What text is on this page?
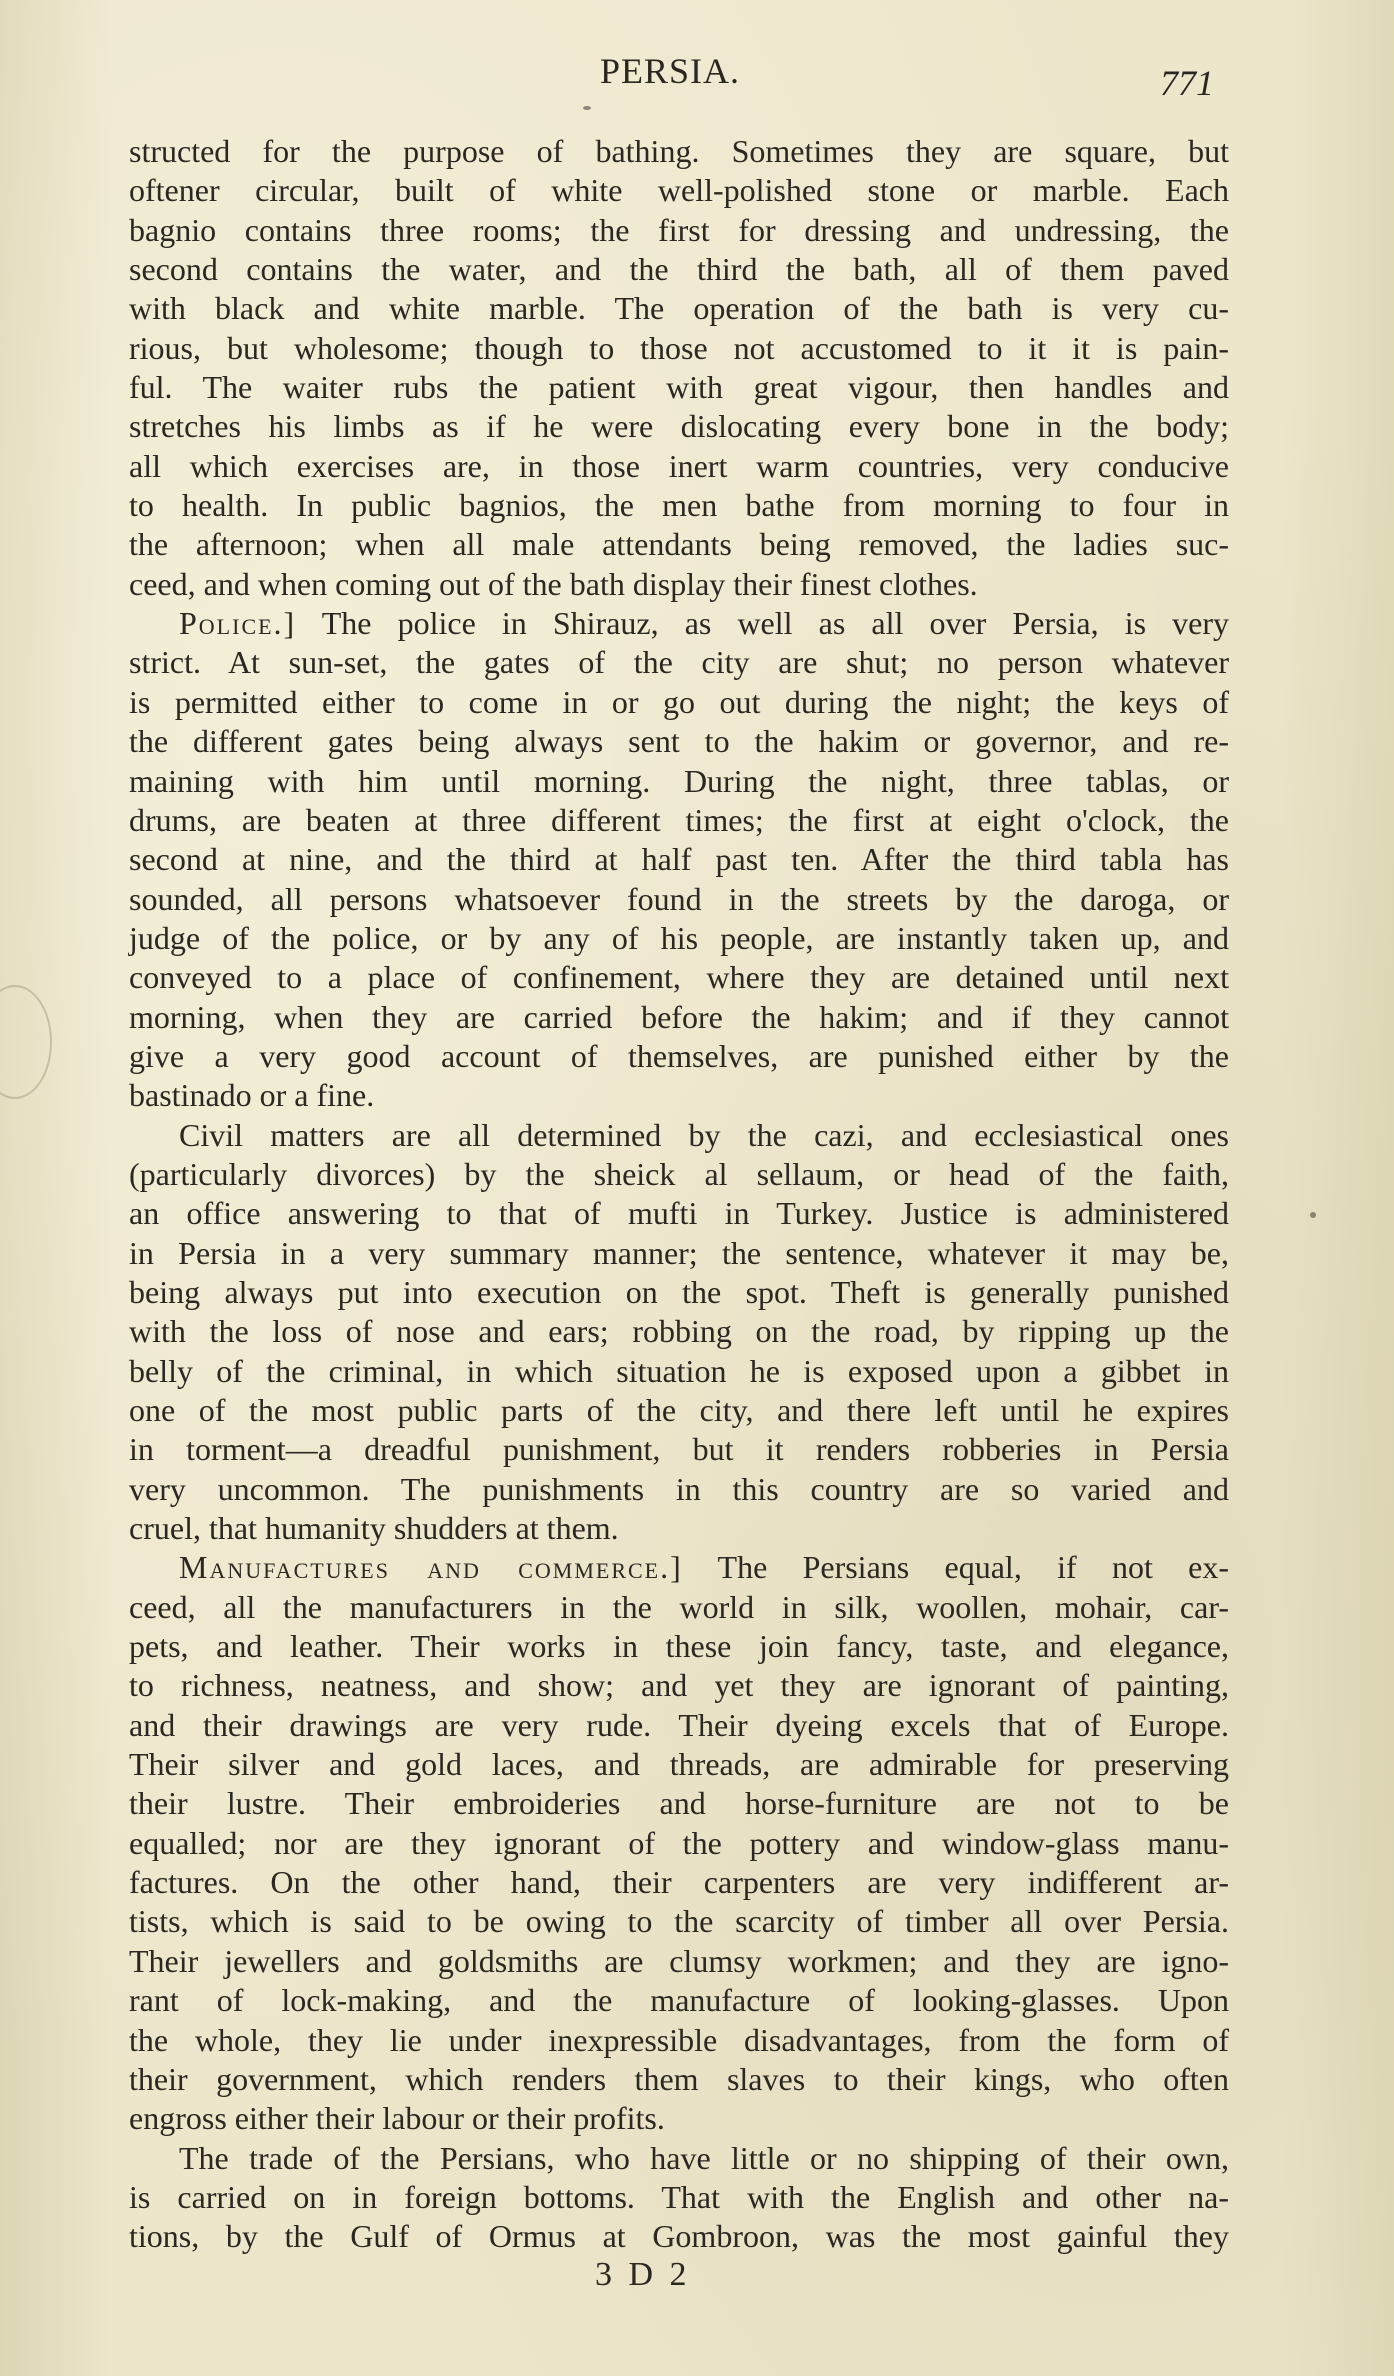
PERSIA.	771
structed for the purpose of bathing. Sometimes they are square, but
oftener circular, built of white well-polished stone or marble. Each
bagnio contains three rooms; the first for dressing and undressing, the
second contains the water, and the third the bath, all of them paved
with black and white marble. The operation of the bath is very cu-
rious, but wholesome; though to those not accustomed to it it is pain-
ful. The waiter rubs the patient with great vigour, then handles and
stretches his limbs as if he were dislocating every bone in the body;
all which exercises are, in those inert warm countries, very conducive
to health. In public bagnios, the men bathe from morning to four in
the afternoon; when all male attendants being removed, the ladies suc-
ceed, and when coming out of the bath display their finest clothes.
Police.] The police in Shirauz, as well as all over Persia, is very
strict. At sun-set, the gates of the city are shut; no person whatever
is permitted either to come in or go out during the night; the keys of
the different gates being always sent to the hakim or governor, and re-
maining with him until morning. During the night, three tablas, or
drums, are beaten at three different times; the first at eight o'clock, the
second at nine, and the third at half past ten. After the third tabla has
sounded, all persons whatsoever found in the streets by the daroga, or
judge of the police, or by any of his people, are instantly taken up, and
conveyed to a place of confinement, where they are detained until next
morning, when they are carried before the hakim; and if they cannot
give a very good account of themselves, are punished either by the
bastinado or a fine.
Civil matters are all determined by the cazi, and ecclesiastical ones
(particularly divorces) by the sheick al sellaum, or head of the faith,
an office answering to that of mufti in Turkey. Justice is administered
in Persia in a very summary manner; the sentence, whatever it may be,
being always put into execution on the spot. Theft is generally punished
with the loss of nose and ears; robbing on the road, by ripping up the
belly of the criminal, in which situation he is exposed upon a gibbet in
one of the most public parts of the city, and there left until he expires
in torment—a dreadful punishment, but it renders robberies in Persia
very uncommon. The punishments in this country are so varied and
cruel, that humanity shudders at them.
Manufactures and commerce.] The Persians equal, if not ex-
ceed, all the manufacturers in the world in silk, woollen, mohair, car-
pets, and leather. Their works in these join fancy, taste, and elegance,
to richness, neatness, and show; and yet they are ignorant of painting,
and their drawings are very rude. Their dyeing excels that of Europe.
Their silver and gold laces, and threads, are admirable for preserving
their lustre. Their embroideries and horse-furniture are not to be
equalled; nor are they ignorant of the pottery and window-glass manu-
factures. On the other hand, their carpenters are very indifferent ar-
tists, which is said to be owing to the scarcity of timber all over Persia.
Their jewellers and goldsmiths are clumsy workmen; and they are igno-
rant of lock-making, and the manufacture of looking-glasses. Upon
the whole, they lie under inexpressible disadvantages, from the form of
their government, which renders them slaves to their kings, who often
engross either their labour or their profits.
The trade of the Persians, who have little or no shipping of their own,
is carried on in foreign bottoms. That with the English and other na-
tions, by the Gulf of Ormus at Gombroon, was the most gainful they
3 D 2
